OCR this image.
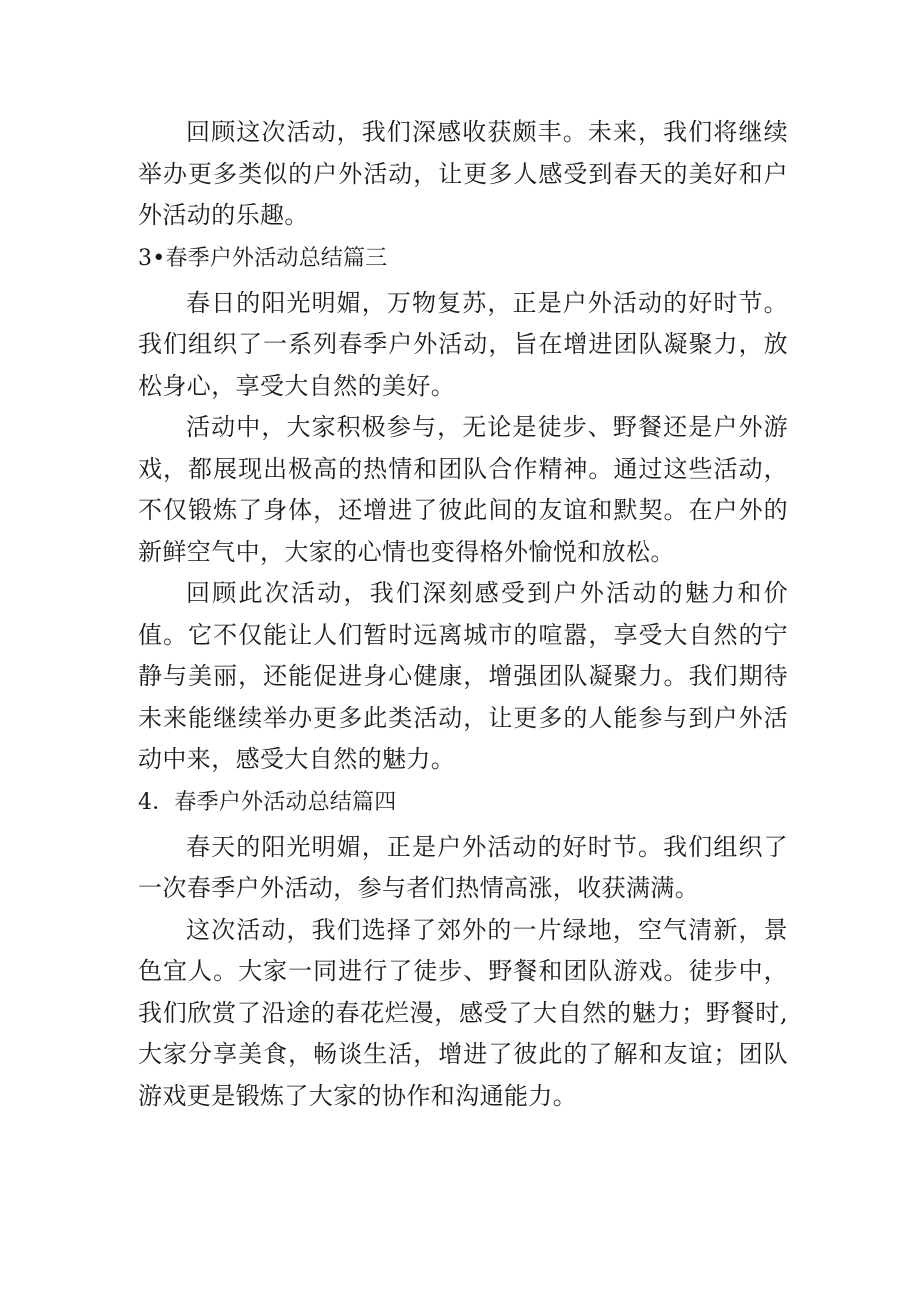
回顾这次活动，我们深感收获颇丰。未来，我们将继续举办更多类似的户外活动，让更多人感受到春天的美好和户外活动的乐趣。

3•春季户外活动总结篇三

春日的阳光明媚，万物复苏，正是户外活动的好时节。我们组织了一系列春季户外活动，旨在增进团队凝聚力，放松身心，享受大自然的美好。

活动中，大家积极参与，无论是徒步、野餐还是户外游戏，都展现出极高的热情和团队合作精神。通过这些活动，不仅锻炼了身体，还增进了彼此间的友谊和默契。在户外的新鲜空气中，大家的心情也变得格外愉悦和放松。

回顾此次活动，我们深刻感受到户外活动的魅力和价值。它不仅能让人们暂时远离城市的喧嚣，享受大自然的宁静与美丽，还能促进身心健康，增强团队凝聚力。我们期待未来能继续举办更多此类活动，让更多的人能参与到户外活动中来，感受大自然的魅力。

4．春季户外活动总结篇四

春天的阳光明媚，正是户外活动的好时节。我们组织了一次春季户外活动，参与者们热情高涨，收获满满。

这次活动，我们选择了郊外的一片绿地，空气清新，景色宜人。大家一同进行了徒步、野餐和团队游戏。徒步中，我们欣赏了沿途的春花烂漫，感受了大自然的魅力；野餐时,大家分享美食，畅谈生活，增进了彼此的了解和友谊；团队游戏更是锻炼了大家的协作和沟通能力。
